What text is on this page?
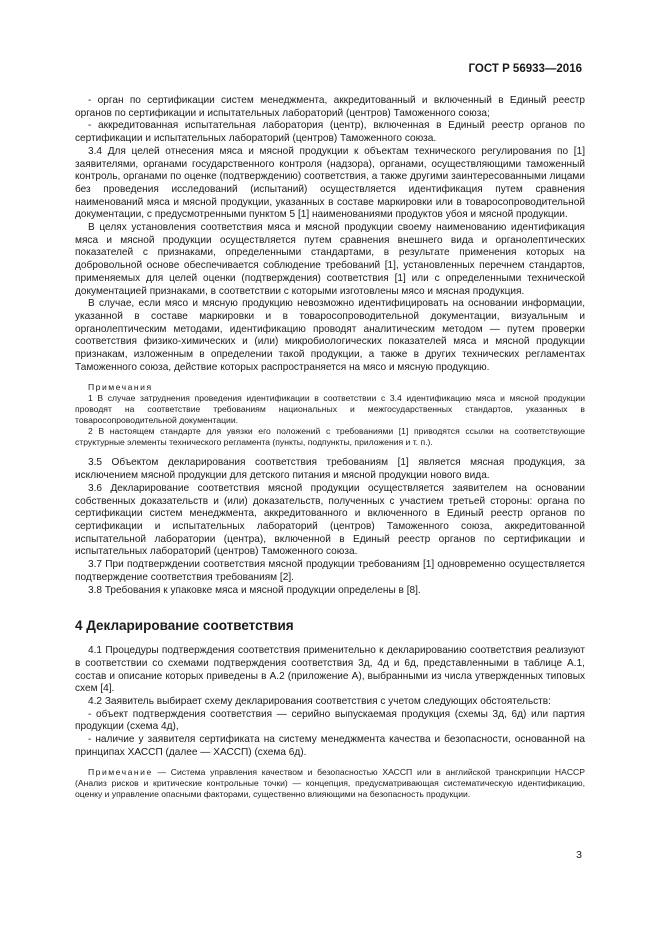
ГОСТ Р 56933—2016

- орган по сертификации систем менеджмента, аккредитованный и включенный в Единый реестр органов по сертификации и испытательных лабораторий (центров) Таможенного союза;

- аккредитованная испытательная лаборатория (центр), включенная в Единый реестр органов по сертификации и испытательных лабораторий (центров) Таможенного союза.

3.4 Для целей отнесения мяса и мясной продукции к объектам технического регулирования по [1] заявителями, органами государственного контроля (надзора), органами, осуществляющими таможенный контроль, органами по оценке (подтверждению) соответствия, а также другими заинтересованными лицами без проведения исследований (испытаний) осуществляется идентификация путем сравнения наименований мяса и мясной продукции, указанных в составе маркировки или в товаросопроводительной документации, с предусмотренными пунктом 5 [1] наименованиями продуктов убоя и мясной продукции.

В целях установления соответствия мяса и мясной продукции своему наименованию идентификация мяса и мясной продукции осуществляется путем сравнения внешнего вида и органолептических показателей с признаками, определенными стандартами, в результате применения которых на добровольной основе обеспечивается соблюдение требований [1], установленных перечнем стандартов, применяемых для целей оценки (подтверждения) соответствия [1] или с определенными технической документацией признаками, в соответствии с которыми изготовлены мясо и мясная продукция.

В случае, если мясо и мясную продукцию невозможно идентифицировать на основании информации, указанной в составе маркировки и в товаросопроводительной документации, визуальным и органолептическим методами, идентификацию проводят аналитическим методом — путем проверки соответствия физико-химических и (или) микробиологических показателей мяса и мясной продукции признакам, изложенным в определении такой продукции, а также в других технических регламентах Таможенного союза, действие которых распространяется на мясо и мясную продукцию.

Примечания

1 В случае затруднения проведения идентификации в соответствии с 3.4 идентификацию мяса и мясной продукции проводят на соответствие требованиям национальных и межгосударственных стандартов, указанных в товаросопроводительной документации.

2 В настоящем стандарте для увязки его положений с требованиями [1] приводятся ссылки на соответствующие структурные элементы технического регламента (пункты, подпункты, приложения и т. п.).

3.5 Объектом декларирования соответствия требованиям [1] является мясная продукция, за исключением мясной продукции для детского питания и мясной продукции нового вида.

3.6 Декларирование соответствия мясной продукции осуществляется заявителем на основании собственных доказательств и (или) доказательств, полученных с участием третьей стороны: органа по сертификации систем менеджмента, аккредитованного и включенного в Единый реестр органов по сертификации и испытательных лабораторий (центров) Таможенного союза, аккредитованной испытательной лаборатории (центра), включенной в Единый реестр органов по сертификации и испытательных лабораторий (центров) Таможенного союза.

3.7 При подтверждении соответствия мясной продукции требованиям [1] одновременно осуществляется подтверждение соответствия требованиям [2].

3.8 Требования к упаковке мяса и мясной продукции определены в [8].

4 Декларирование соответствия

4.1 Процедуры подтверждения соответствия применительно к декларированию соответствия реализуют в соответствии со схемами подтверждения соответствия 3д, 4д и 6д, представленными в таблице А.1, состав и описание которых приведены в А.2 (приложение А), выбранными из числа утвержденных типовых схем [4].

4.2 Заявитель выбирает схему декларирования соответствия с учетом следующих обстоятельств:

- объект подтверждения соответствия — серийно выпускаемая продукция (схемы 3д, 6д) или партия продукции (схема 4д),

- наличие у заявителя сертификата на систему менеджмента качества и безопасности, основанной на принципах ХАССП (далее — ХАССП) (схема 6д).

Примечание — Система управления качеством и безопасностью ХАССП или в английской транскрипции HACCP (Анализ рисков и критические контрольные точки) — концепция, предусматривающая систематическую идентификацию, оценку и управление опасными факторами, существенно влияющими на безопасность продукции.

3
